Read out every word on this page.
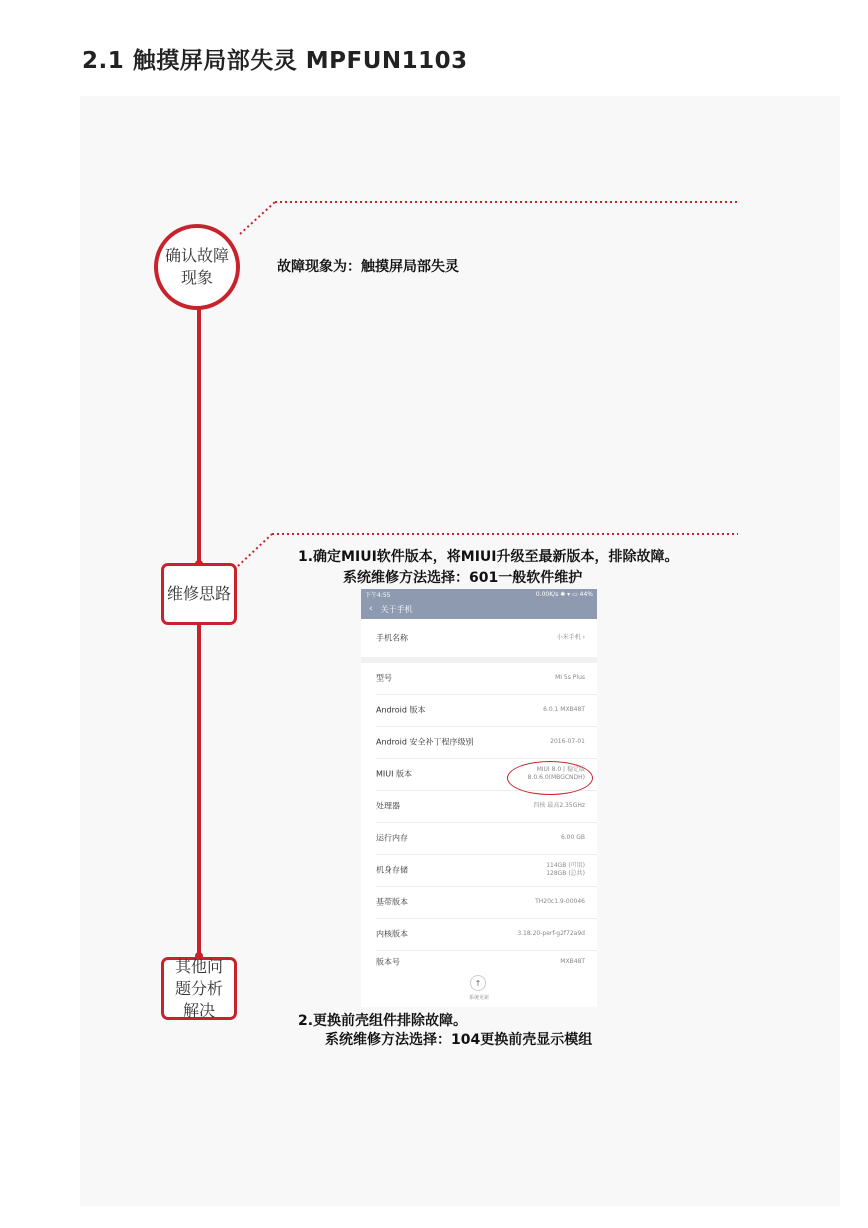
2.1 触摸屏局部失灵 MPFUN1103
确认故障现象
故障现象为：触摸屏局部失灵
维修思路
1.确定MIUI软件版本，将MIUI升级至最新版本，排除故障。
系统维修方法选择：601一般软件维护
下午4:55	0.00K/s ✱ ▾ ▭ 44%
‹ 关于手机
手机名称	小米手机 ›
型号	MI 5s Plus
Android 版本	6.0.1 MXB48T
Android 安全补丁程序级别	2016-07-01
MIUI 版本	MIUI 8.0 | 稳定版
8.0.6.0(MBGCNDH)
处理器	四核 最高2.35GHz
运行内存	6.00 GB
机身存储	114GB (可用)
128GB (总共)
基带版本	TH20c1.9-00046
内核版本	3.18.20-perf-g2f72a9d
版本号	MXB48T
↑
系统更新
其他问题分析解决
2.更换前壳组件排除故障。
系统维修方法选择：104更换前壳显示模组
